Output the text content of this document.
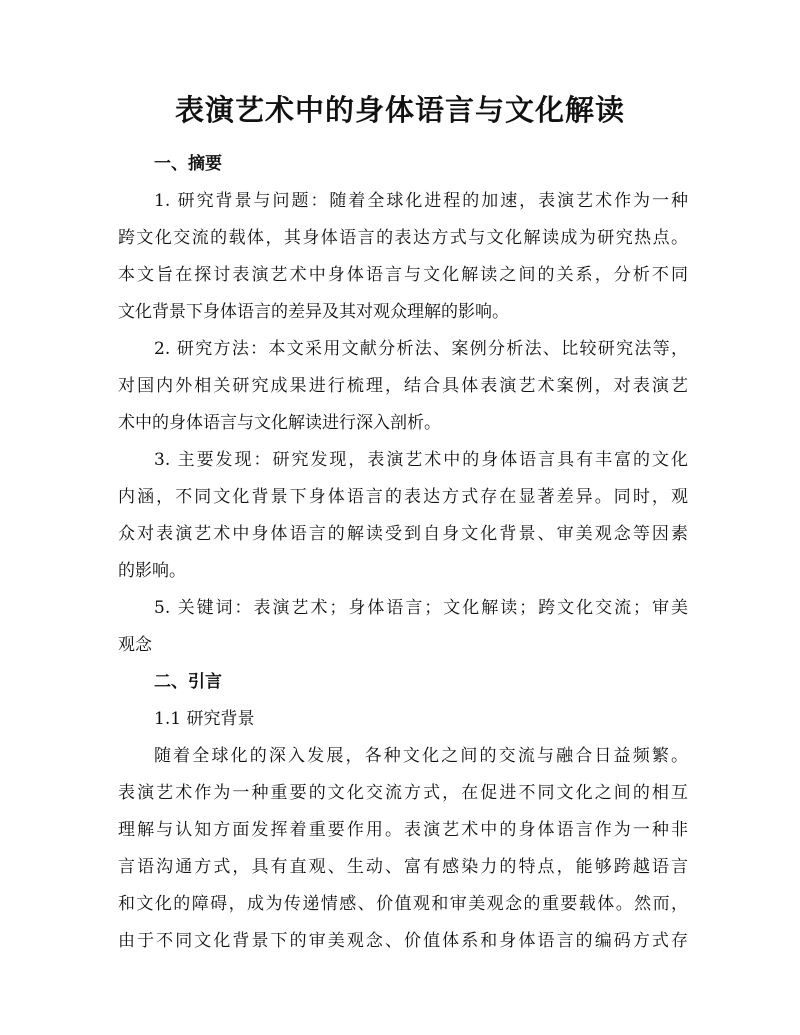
表演艺术中的身体语言与文化解读
一、摘要
1. 研究背景与问题：随着全球化进程的加速，表演艺术作为一种
跨文化交流的载体，其身体语言的表达方式与文化解读成为研究热点。
本文旨在探讨表演艺术中身体语言与文化解读之间的关系，分析不同
文化背景下身体语言的差异及其对观众理解的影响。
2. 研究方法：本文采用文献分析法、案例分析法、比较研究法等，
对国内外相关研究成果进行梳理，结合具体表演艺术案例，对表演艺
术中的身体语言与文化解读进行深入剖析。
3. 主要发现：研究发现，表演艺术中的身体语言具有丰富的文化
内涵，不同文化背景下身体语言的表达方式存在显著差异。同时，观
众对表演艺术中身体语言的解读受到自身文化背景、审美观念等因素
的影响。
5. 关键词：表演艺术；身体语言；文化解读；跨文化交流；审美
观念
二、引言
1.1 研究背景
随着全球化的深入发展，各种文化之间的交流与融合日益频繁。
表演艺术作为一种重要的文化交流方式，在促进不同文化之间的相互
理解与认知方面发挥着重要作用。表演艺术中的身体语言作为一种非
言语沟通方式，具有直观、生动、富有感染力的特点，能够跨越语言
和文化的障碍，成为传递情感、价值观和审美观念的重要载体。然而，
由于不同文化背景下的审美观念、价值体系和身体语言的编码方式存
